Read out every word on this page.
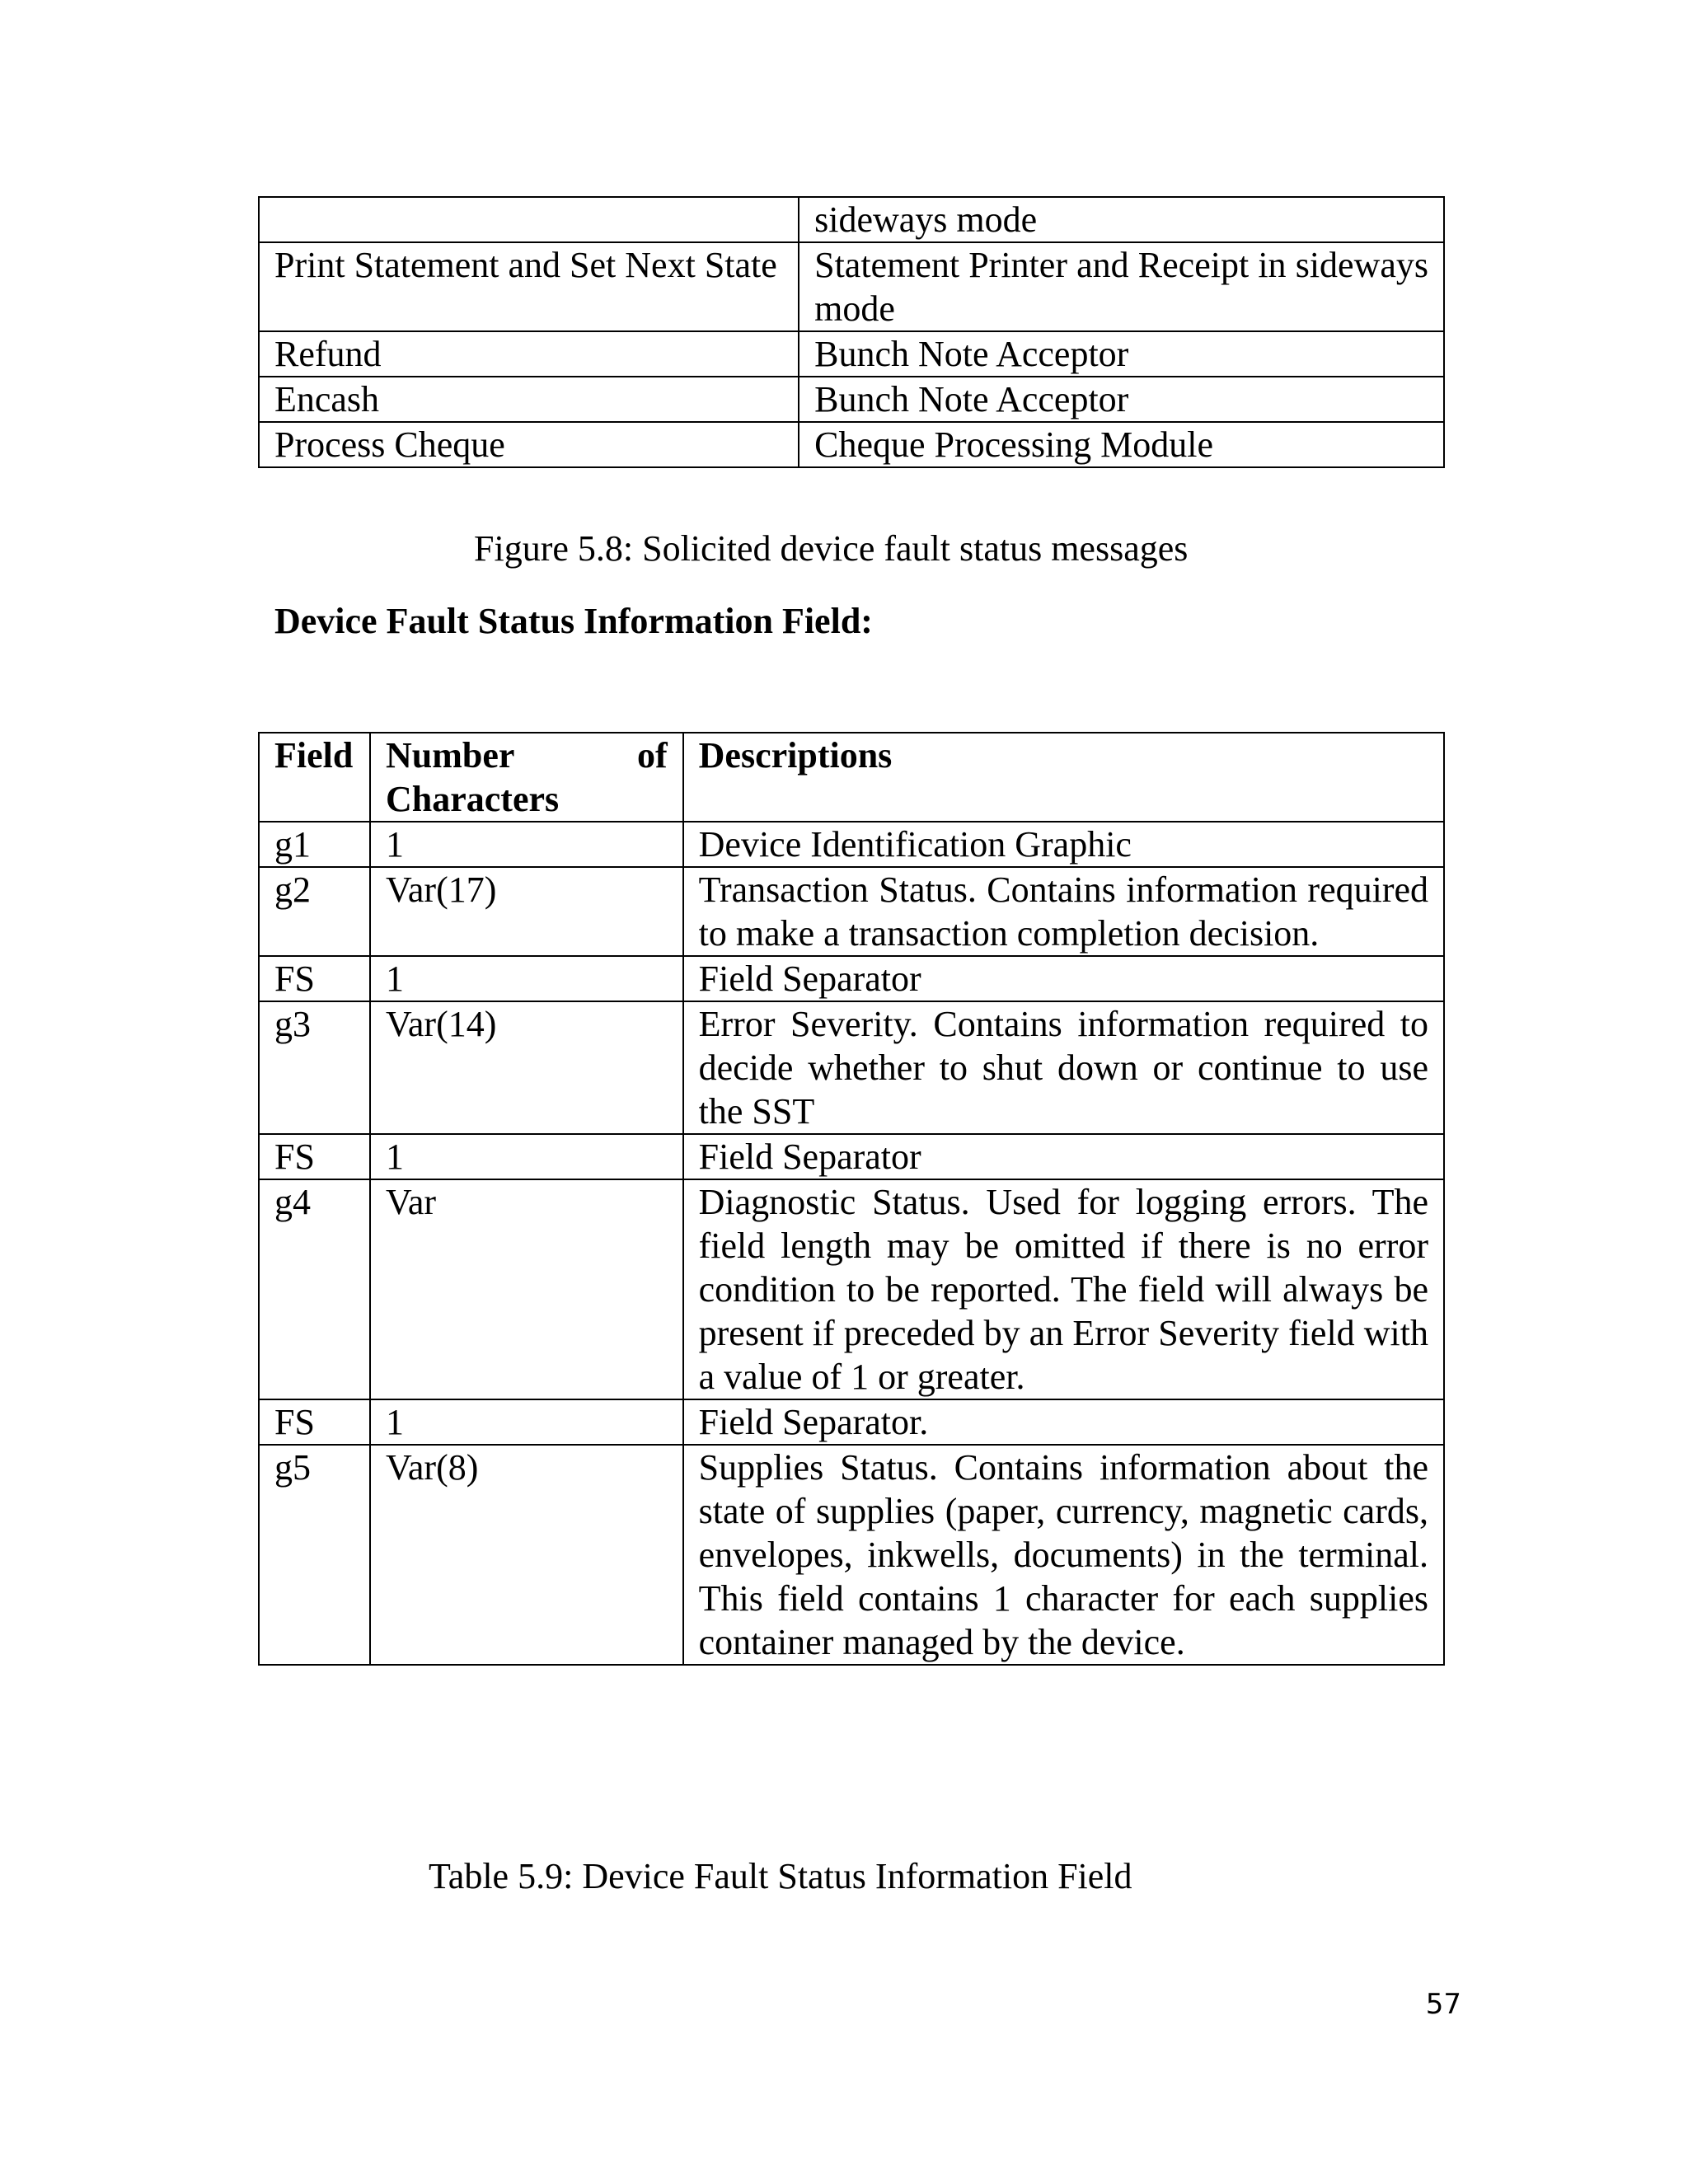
	sideways mode
Print Statement and Set Next State	Statement Printer and Receipt in sideways mode
Refund	Bunch Note Acceptor
Encash	Bunch Note Acceptor
Process Cheque	Cheque Processing Module
Figure 5.8: Solicited device fault status messages
Device Fault Status Information Field:
Field	Number of Characters	Descriptions
g1	1	Device Identification Graphic
g2	Var(17)	Transaction Status. Contains information required to make a transaction completion decision.
FS	1	Field Separator
g3	Var(14)	Error Severity. Contains information required to decide whether to shut down or continue to use the SST
FS	1	Field Separator
g4	Var	Diagnostic Status. Used for logging errors. The field length may be omitted if there is no error condition to be reported. The field will always be present if preceded by an Error Severity field with a value of 1 or greater.
FS	1	Field Separator.
g5	Var(8)	Supplies Status. Contains information about the state of supplies (paper, currency, magnetic cards, envelopes, inkwells, documents) in the terminal. This field contains 1 character for each supplies container managed by the device.
Table 5.9: Device Fault Status Information Field
57
